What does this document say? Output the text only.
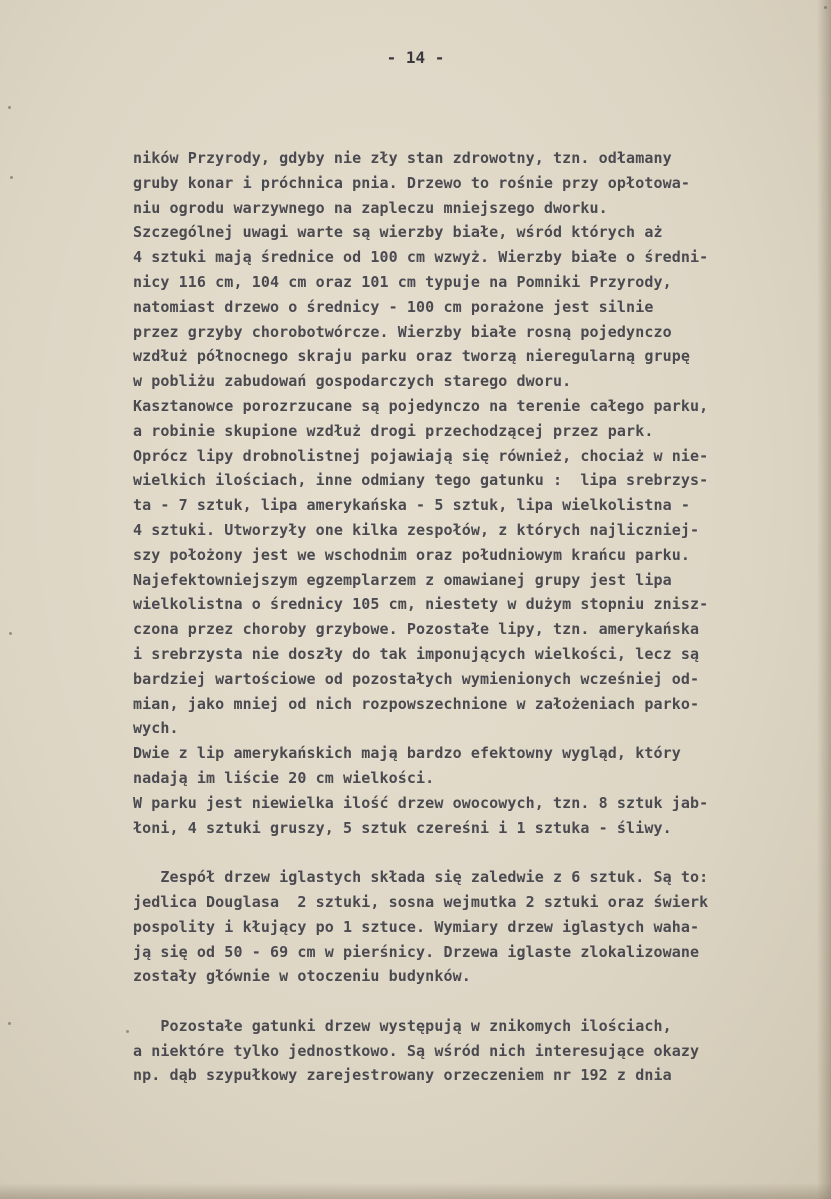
- 14 -
ników Przyrody, gdyby nie zły stan zdrowotny, tzn. odłamany
gruby konar i próchnica pnia. Drzewo to rośnie przy opłotowa-
niu ogrodu warzywnego na zapleczu mniejszego dworku.
Szczególnej uwagi warte są wierzby białe, wśród których aż
4 sztuki mają średnice od 100 cm wzwyż. Wierzby białe o średni-
nicy 116 cm, 104 cm oraz 101 cm typuje na Pomniki Przyrody,
natomiast drzewo o średnicy - 100 cm porażone jest silnie
przez grzyby chorobotwórcze. Wierzby białe rosną pojedynczo
wzdłuż północnego skraju parku oraz tworzą nieregularną grupę
w pobliżu zabudowań gospodarczych starego dworu.
Kasztanowce porozrzucane są pojedynczo na terenie całego parku,
a robinie skupione wzdłuż drogi przechodzącej przez park.
Oprócz lipy drobnolistnej pojawiają się również, chociaż w nie-
wielkich ilościach, inne odmiany tego gatunku :  lipa srebrzys-
ta - 7 sztuk, lipa amerykańska - 5 sztuk, lipa wielkolistna -
4 sztuki. Utworzyły one kilka zespołów, z których najliczniej-
szy położony jest we wschodnim oraz południowym krańcu parku.
Najefektowniejszym egzemplarzem z omawianej grupy jest lipa
wielkolistna o średnicy 105 cm, niestety w dużym stopniu znisz-
czona przez choroby grzybowe. Pozostałe lipy, tzn. amerykańska
i srebrzysta nie doszły do tak imponujących wielkości, lecz są
bardziej wartościowe od pozostałych wymienionych wcześniej od-
mian, jako mniej od nich rozpowszechnione w założeniach parko-
wych.
Dwie z lip amerykańskich mają bardzo efektowny wygląd, który
nadają im liście 20 cm wielkości.
W parku jest niewielka ilość drzew owocowych, tzn. 8 sztuk jab-
łoni, 4 sztuki gruszy, 5 sztuk czereśni i 1 sztuka - śliwy.
Zespół drzew iglastych składa się zaledwie z 6 sztuk. Są to:
jedlica Douglasa  2 sztuki, sosna wejmutka 2 sztuki oraz świerk
pospolity i kłujący po 1 sztuce. Wymiary drzew iglastych waha-
ją się od 50 - 69 cm w pierśnicy. Drzewa iglaste zlokalizowane
zostały głównie w otoczeniu budynków.
Pozostałe gatunki drzew występują w znikomych ilościach,
a niektóre tylko jednostkowo. Są wśród nich interesujące okazy
np. dąb szypułkowy zarejestrowany orzeczeniem nr 192 z dnia
